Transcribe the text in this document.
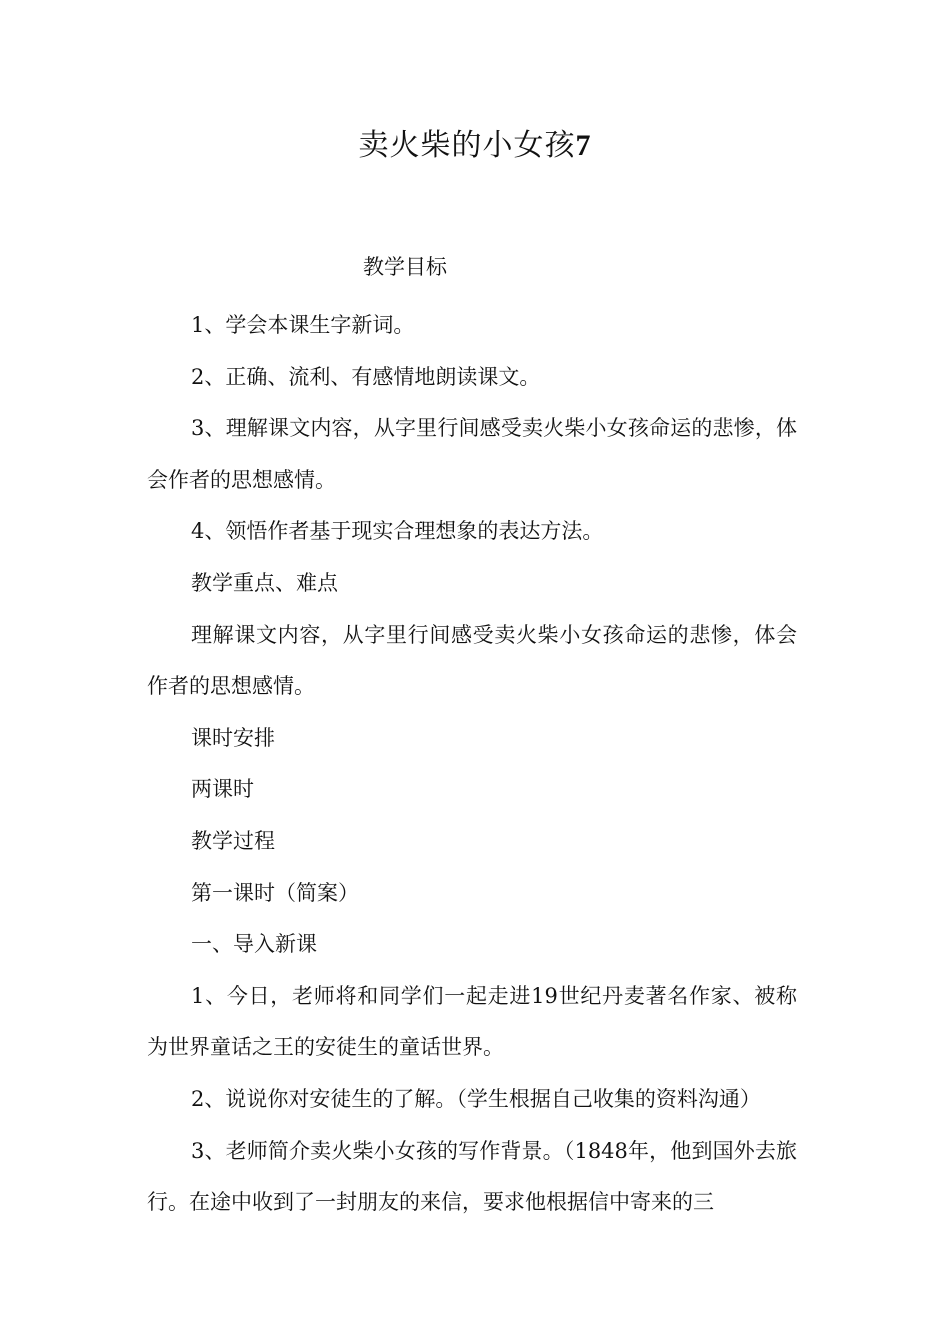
卖火柴的小女孩7
教学目标

1、学会本课生字新词。

2、正确、流利、有感情地朗读课文。

3、理解课文内容，从字里行间感受卖火柴小女孩命运的悲惨，体会作者的思想感情。

4、领悟作者基于现实合理想象的表达方法。

教学重点、难点

理解课文内容，从字里行间感受卖火柴小女孩命运的悲惨，体会作者的思想感情。

课时安排

两课时

教学过程

第一课时（简案）

一、导入新课

1、今日，老师将和同学们一起走进19世纪丹麦著名作家、被称为世界童话之王的安徒生的童话世界。

2、说说你对安徒生的了解。（学生根据自己收集的资料沟通）

3、老师简介卖火柴小女孩的写作背景。（1848年，他到国外去旅行。在途中收到了一封朋友的来信，要求他根据信中寄来的三
